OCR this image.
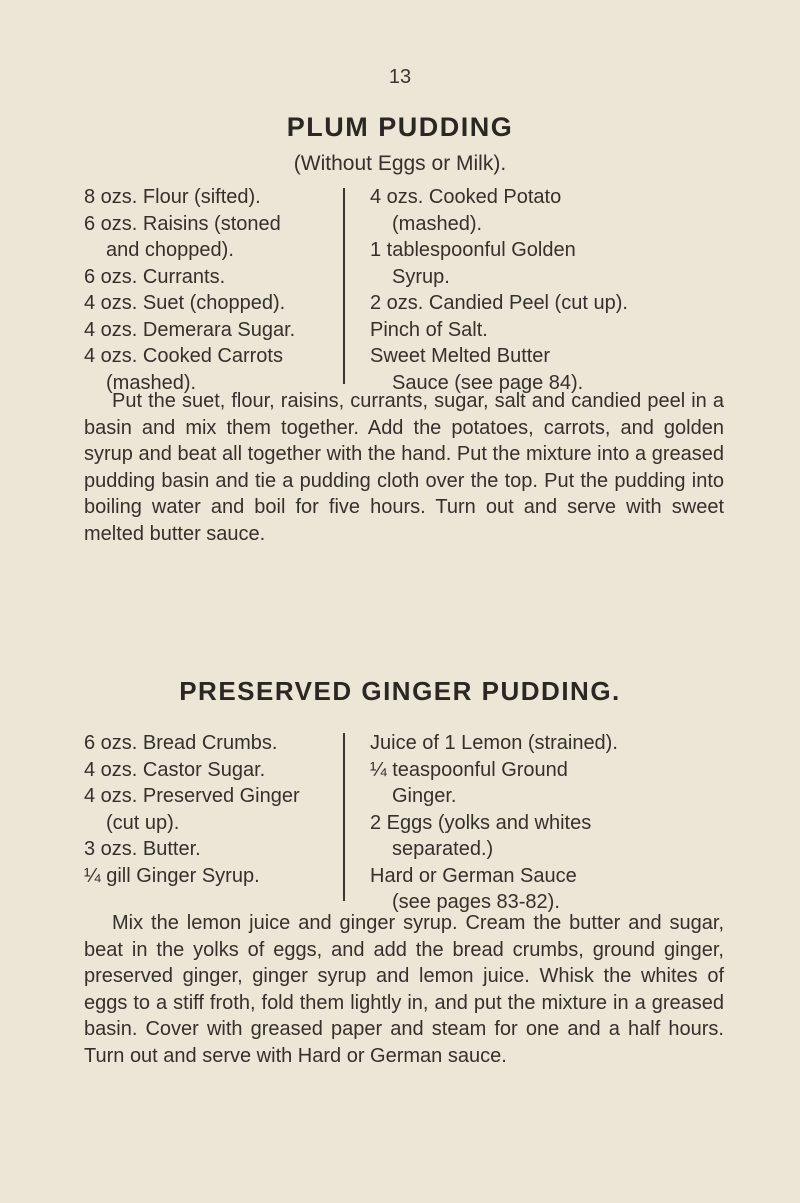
13
PLUM PUDDING
(Without Eggs or Milk).
8 ozs. Flour (sifted).
6 ozs. Raisins (stoned
and chopped).
6 ozs. Currants.
4 ozs. Suet (chopped).
4 ozs. Demerara Sugar.
4 ozs. Cooked Carrots
(mashed).
4 ozs. Cooked Potato
(mashed).
1 tablespoonful Golden
Syrup.
2 ozs. Candied Peel (cut up).
Pinch of Salt.
Sweet Melted Butter
Sauce (see page 84).

Put the suet, flour, raisins, currants, sugar, salt and candied peel in a basin and mix them together. Add the potatoes, carrots, and golden syrup and beat all together with the hand. Put the mixture into a greased pudding basin and tie a pudding cloth over the top. Put the pudding into boiling water and boil for five hours. Turn out and serve with sweet melted butter sauce.

PRESERVED GINGER PUDDING.
6 ozs. Bread Crumbs.
4 ozs. Castor Sugar.
4 ozs. Preserved Ginger
(cut up).
3 ozs. Butter.
¼ gill Ginger Syrup.
Juice of 1 Lemon (strained).
¼ teaspoonful Ground
Ginger.
2 Eggs (yolks and whites
separated.)
Hard or German Sauce
(see pages 83-82).

Mix the lemon juice and ginger syrup. Cream the butter and sugar, beat in the yolks of eggs, and add the bread crumbs, ground ginger, preserved ginger, ginger syrup and lemon juice. Whisk the whites of eggs to a stiff froth, fold them lightly in, and put the mixture in a greased basin. Cover with greased paper and steam for one and a half hours. Turn out and serve with Hard or German sauce.
